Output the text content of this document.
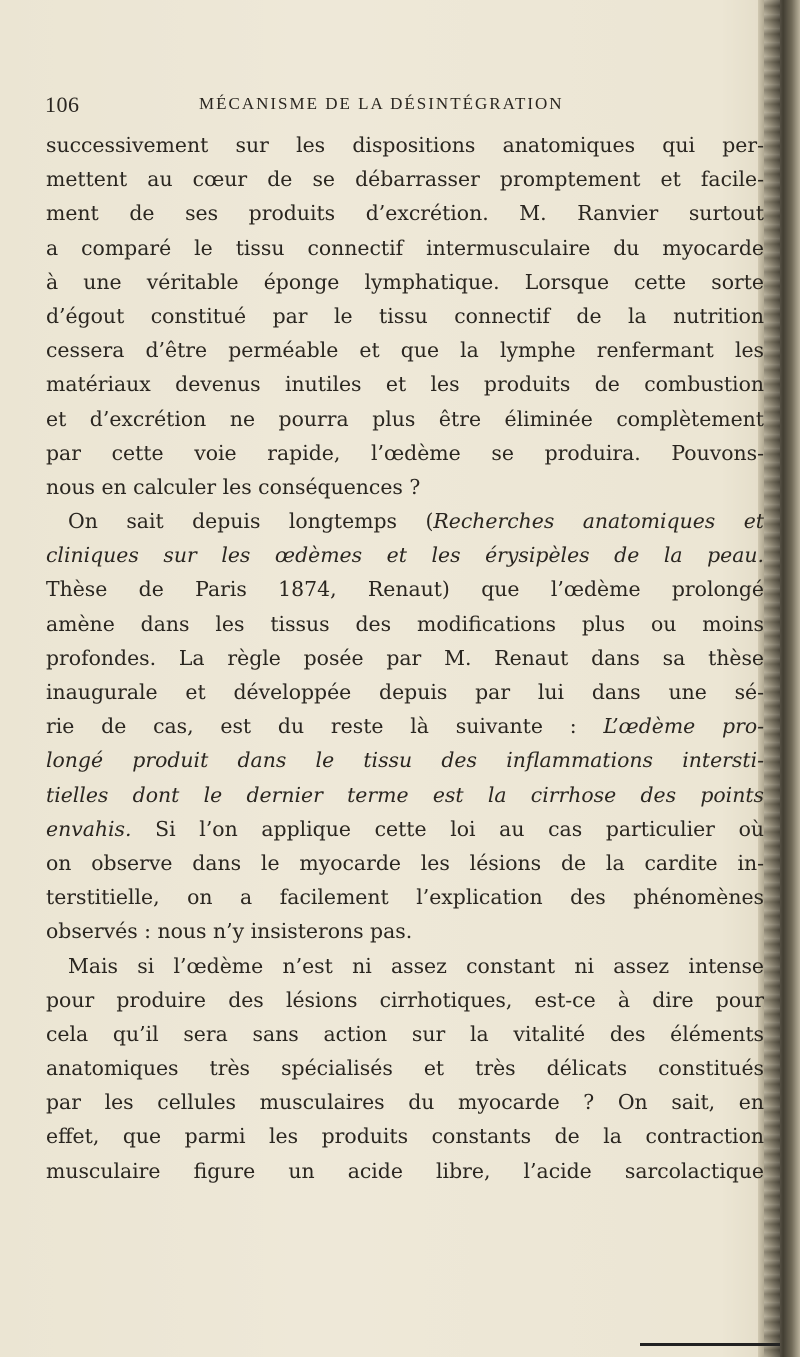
106	MÉCANISME DE LA DÉSINTÉGRATION
successivement sur les dispositions anatomiques qui per-
mettent au cœur de se débarrasser promptement et facile-
ment de ses produits d’excrétion. M. Ranvier surtout
a comparé le tissu connectif intermusculaire du myocarde
à une véritable éponge lymphatique. Lorsque cette sorte
d’égout constitué par le tissu connectif de la nutrition
cessera d’être perméable et que la lymphe renfermant les
matériaux devenus inutiles et les produits de combustion
et d’excrétion ne pourra plus être éliminée complètement
par cette voie rapide, l’œdème se produira. Pouvons-
nous en calculer les conséquences ?
On sait depuis longtemps (Recherches anatomiques et
cliniques sur les œdèmes et les érysipèles de la peau.
Thèse de Paris 1874, Renaut) que l’œdème prolongé
amène dans les tissus des modifications plus ou moins
profondes. La règle posée par M. Renaut dans sa thèse
inaugurale et développée depuis par lui dans une sé-
rie de cas, est du reste là suivante : L’œdème pro-
longé produit dans le tissu des inflammations intersti-
tielles dont le dernier terme est la cirrhose des points
envahis. Si l’on applique cette loi au cas particulier où
on observe dans le myocarde les lésions de la cardite in-
terstitielle, on a facilement l’explication des phénomènes
observés : nous n’y insisterons pas.
Mais si l’œdème n’est ni assez constant ni assez intense
pour produire des lésions cirrhotiques, est-ce à dire pour
cela qu’il sera sans action sur la vitalité des éléments
anatomiques très spécialisés et très délicats constitués
par les cellules musculaires du myocarde ? On sait, en
effet, que parmi les produits constants de la contraction
musculaire figure un acide libre, l’acide sarcolactique
